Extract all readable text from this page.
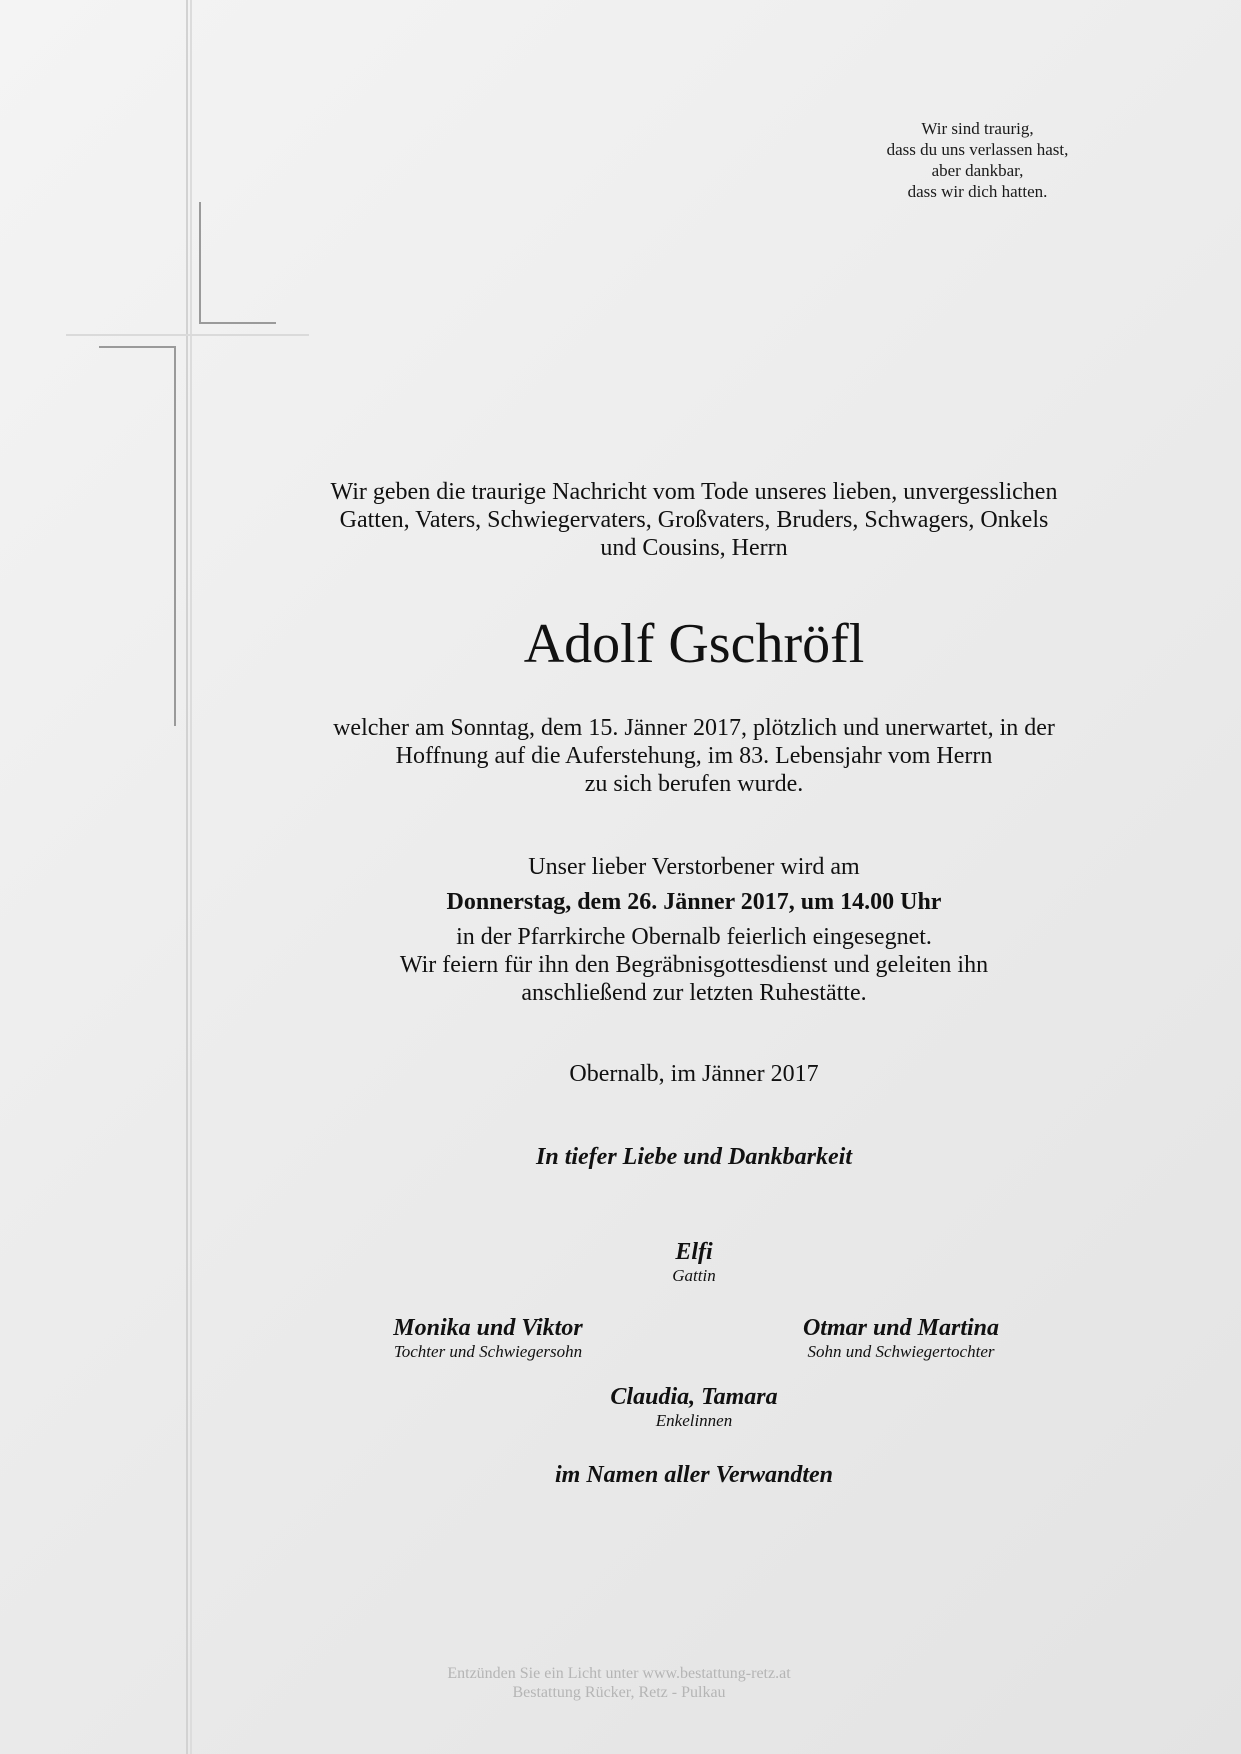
Wir sind traurig,
dass du uns verlassen hast,
aber dankbar,
dass wir dich hatten.
Wir geben die traurige Nachricht vom Tode unseres lieben, unvergesslichen
Gatten, Vaters, Schwiegervaters, Großvaters, Bruders, Schwagers, Onkels
und Cousins, Herrn
Adolf Gschröfl
welcher am Sonntag, dem 15. Jänner 2017, plötzlich und unerwartet, in der
Hoffnung auf die Auferstehung, im 83. Lebensjahr vom Herrn
zu sich berufen wurde.
Unser lieber Verstorbener wird am
Donnerstag, dem 26. Jänner 2017, um 14.00 Uhr
in der Pfarrkirche Obernalb feierlich eingesegnet.
Wir feiern für ihn den Begräbnisgottesdienst und geleiten ihn
anschließend zur letzten Ruhestätte.
Obernalb, im Jänner 2017
In tiefer Liebe und Dankbarkeit
Elfi
Gattin
Monika und Viktor
Tochter und Schwiegersohn
Otmar und Martina
Sohn und Schwiegertochter
Claudia, Tamara
Enkelinnen
im Namen aller Verwandten
Entzünden Sie ein Licht unter www.bestattung-retz.at
Bestattung Rücker, Retz - Pulkau
